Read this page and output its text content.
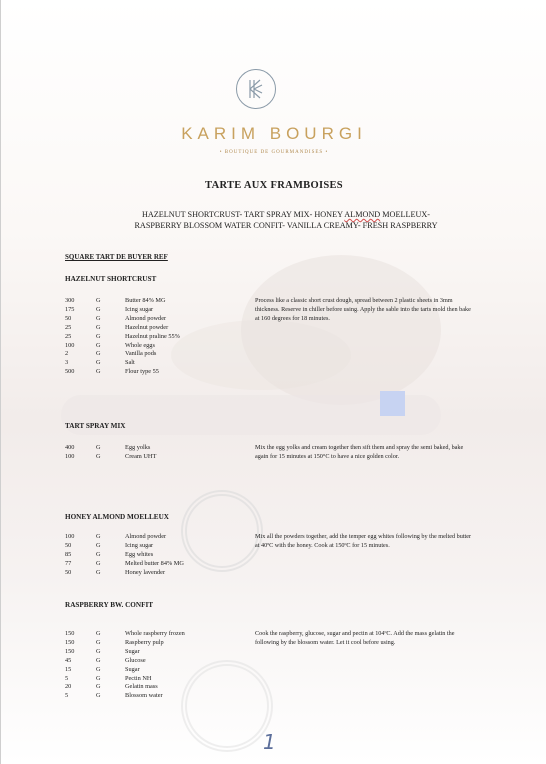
KARIM BOURGI
• BOUTIQUE DE GOURMANDISES •
TARTE AUX FRAMBOISES
HAZELNUT SHORTCRUST- TART SPRAY MIX- HONEY ALMOND MOELLEUX-
RASPBERRY BLOSSOM WATER CONFIT- VANILLA CREAMY- FRESH RASPBERRY
SQUARE TART DE BUYER REF
HAZELNUT SHORTCRUST
300	G	Butter 84% MG
175	G	Icing sugar
50	G	Almond powder
25	G	Hazelnut powder
25	G	Hazelnut praline 55%
100	G	Whole eggs
2	G	Vanilla pods
3	G	Salt
500	G	Flour type 55
Process like a classic short crust dough, spread between 2 plastic sheets in 3mm thickness. Reserve in chiller before using. Apply the sable into the tarts mold then bake at 160 degrees for 18 minutes.
TART SPRAY MIX
400	G	Egg yolks
100	G	Cream UHT
Mix the egg yolks and cream together then sift them and spray the semi baked, bake again for 15 minutes at 150°C to have a nice golden color.
HONEY ALMOND MOELLEUX
100	G	Almond powder
50	G	Icing sugar
85	G	Egg whites
77	G	Melted butter 84% MG
50	G	Honey lavender
Mix all the powders together, add the temper egg whites following by the melted butter at 40ºC with the honey. Cook at 150ºC for 15 minutes.
RASPBERRY BW. CONFIT
150	G	Whole raspberry frozen
150	G	Raspberry pulp
150	G	Sugar
45	G	Glucose
15	G	Sugar
5	G	Pectin NH
20	G	Gelatin mass
5	G	Blossom water
Cook the raspberry, glucose, sugar and pectin at 104ºC. Add the mass gelatin the following by the blossom water. Let it cool before using.
1
